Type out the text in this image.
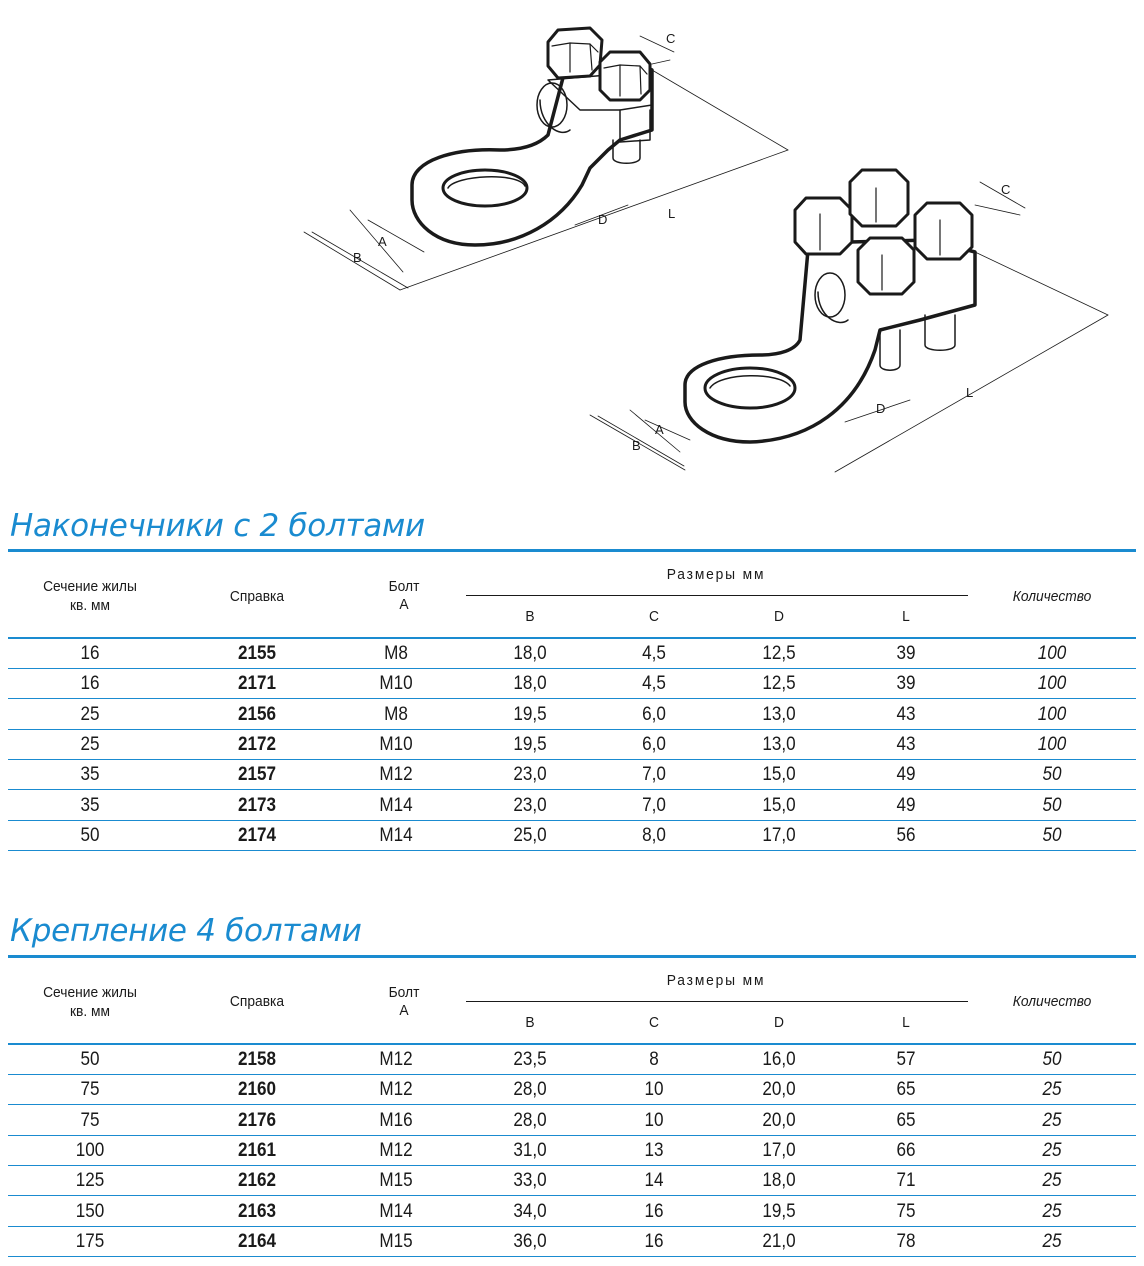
A
B
C
D	L
A
B
C
D
L
Наконечники с 2 болтами
Сечение жилы
кв. мм
Справка
Болт
A
Размеры мм
B	C	D	L
Количество
16	2155	M8	18,0	4,5	12,5	39	100
16	2171	M10	18,0	4,5	12,5	39	100
25	2156	M8	19,5	6,0	13,0	43	100
25	2172	M10	19,5	6,0	13,0	43	100
35	2157	M12	23,0	7,0	15,0	49	50
35	2173	M14	23,0	7,0	15,0	49	50
50	2174	M14	25,0	8,0	17,0	56	50
Крепление 4 болтами
Сечение жилы
кв. мм
Справка
Болт
A
Размеры мм
B	C	D	L
Количество
50	2158	M12	23,5	8	16,0	57	50
75	2160	M12	28,0	10	20,0	65	25
75	2176	M16	28,0	10	20,0	65	25
100	2161	M12	31,0	13	17,0	66	25
125	2162	M15	33,0	14	18,0	71	25
150	2163	M14	34,0	16	19,5	75	25
175	2164	M15	36,0	16	21,0	78	25
